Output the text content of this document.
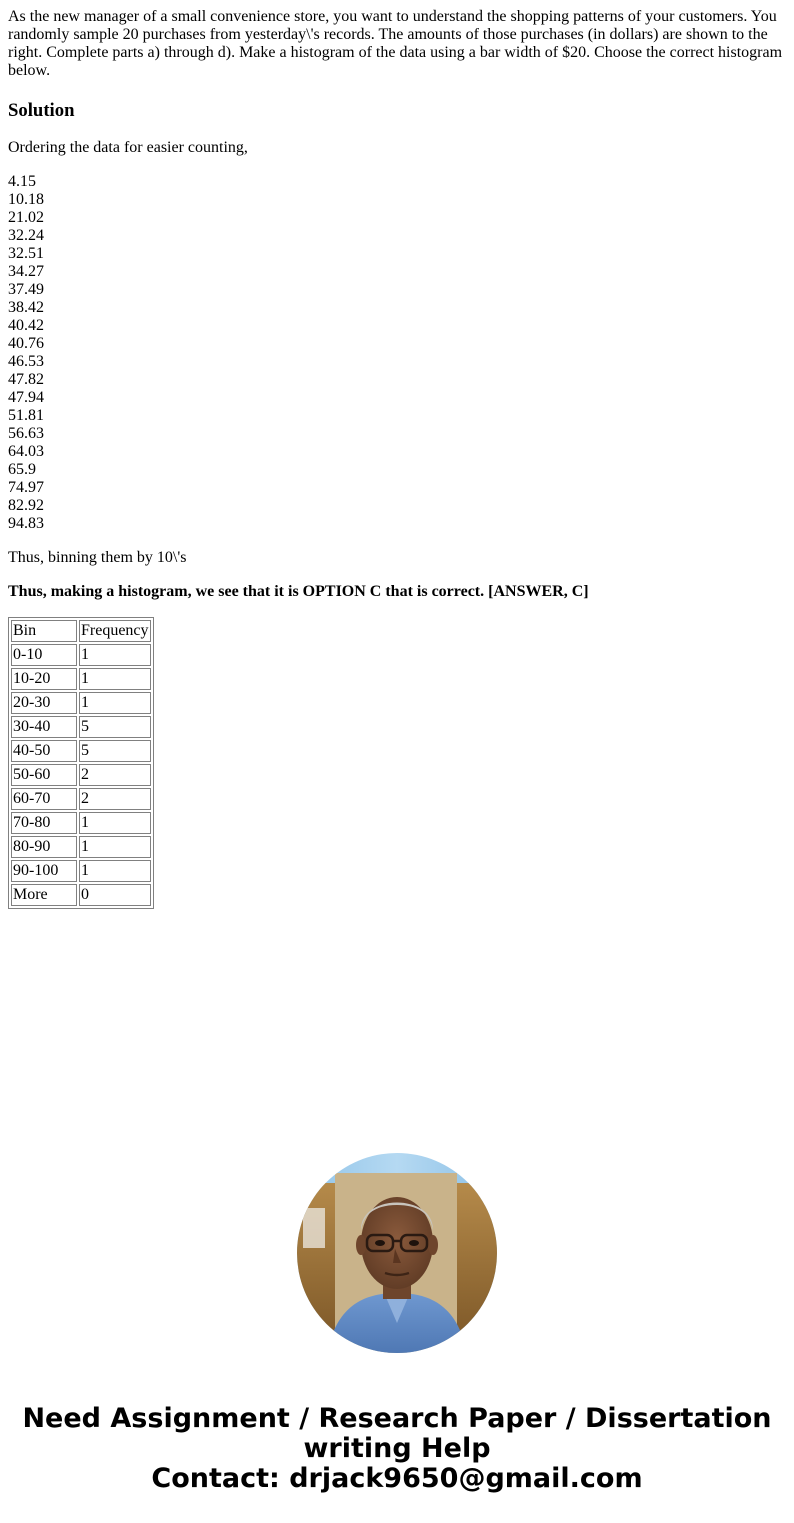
As the new manager of a small convenience store, you want to understand the shopping patterns of your customers. You randomly sample 20 purchases from yesterday\'s records. The amounts of those purchases (in dollars) are shown to the right. Complete parts a) through d). Make a histogram of the data using a bar width of $20. Choose the correct histogram below.

Solution

Ordering the data for easier counting,

4.15
10.18
21.02
32.24
32.51
34.27
37.49
38.42
40.42
40.76
46.53
47.82
47.94
51.81
56.63
64.03
65.9
74.97
82.92
94.83

Thus, binning them by 10\'s

Thus, making a histogram, we see that it is OPTION C that is correct. [ANSWER, C]

Bin	Frequency
0-10	1
10-20	1
20-30	1
30-40	5
40-50	5
50-60	2
60-70	2
70-80	1
80-90	1
90-100	1
More	0
Need Assignment / Research Paper / Dissertation
writing Help
Contact: drjack9650@gmail.com
